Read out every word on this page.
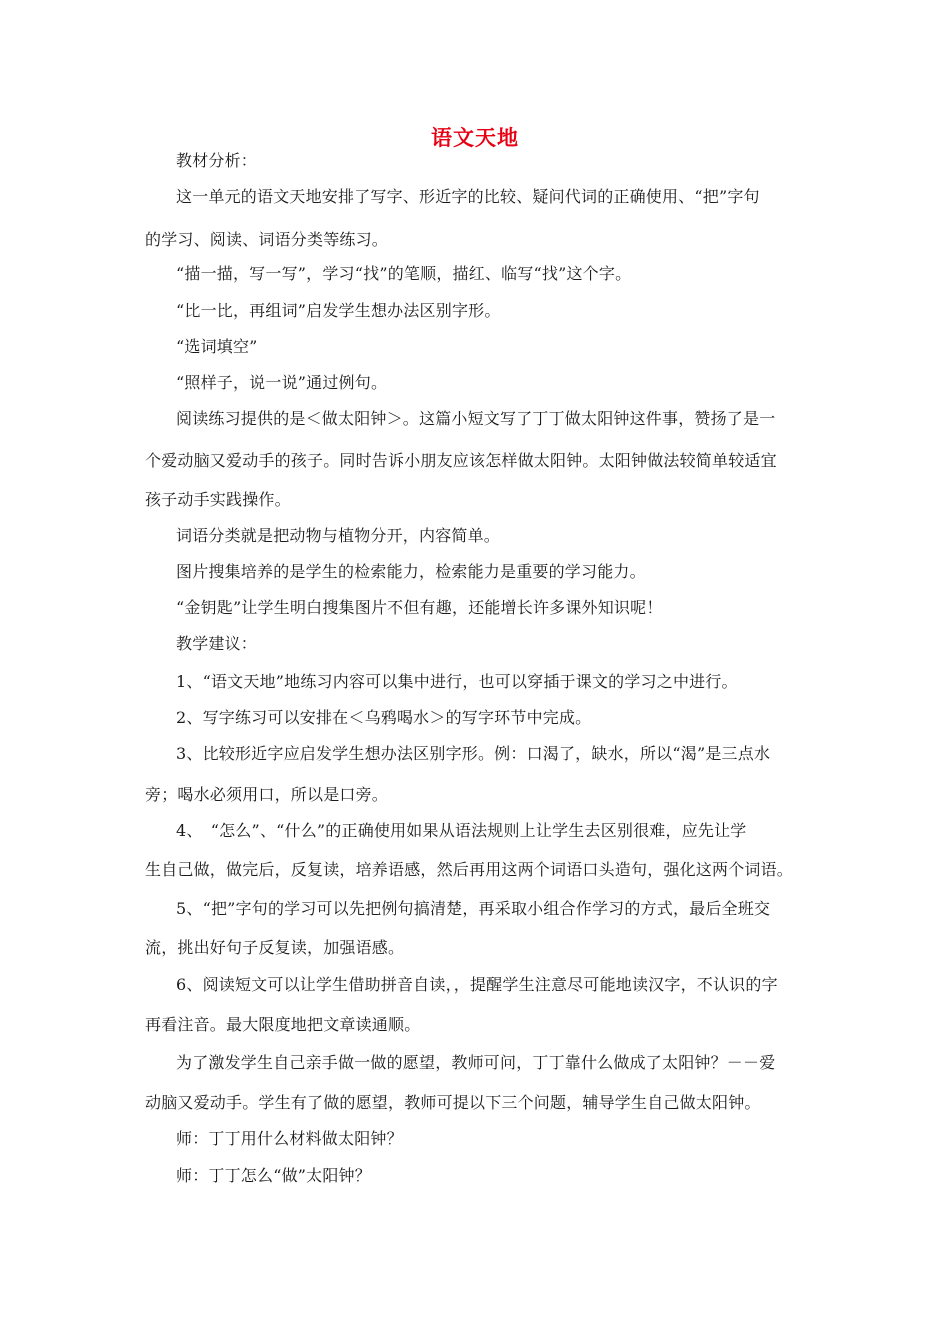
语文天地
教材分析：
这一单元的语文天地安排了写字、形近字的比较、疑问代词的正确使用、“把”字句
的学习、阅读、词语分类等练习。
“描一描，写一写”，学习“找”的笔顺，描红、临写“找”这个字。
“比一比，再组词”启发学生想办法区别字形。
“选词填空”
“照样子，说一说”通过例句。
阅读练习提供的是＜做太阳钟＞。这篇小短文写了丁丁做太阳钟这件事，赞扬了是一
个爱动脑又爱动手的孩子。同时告诉小朋友应该怎样做太阳钟。太阳钟做法较简单较适宜
孩子动手实践操作。
词语分类就是把动物与植物分开，内容简单。
图片搜集培养的是学生的检索能力，检索能力是重要的学习能力。
“金钥匙”让学生明白搜集图片不但有趣，还能增长许多课外知识呢！
教学建议：
1、“语文天地”地练习内容可以集中进行，也可以穿插于课文的学习之中进行。
2、写字练习可以安排在＜乌鸦喝水＞的写字环节中完成。
3、比较形近字应启发学生想办法区别字形。例：口渴了，缺水，所以“渴”是三点水
旁；喝水必须用口，所以是口旁。
4、　“怎么”、“什么”的正确使用如果从语法规则上让学生去区别很难，应先让学
生自己做，做完后，反复读，培养语感，然后再用这两个词语口头造句，强化这两个词语。
5、“把”字句的学习可以先把例句搞清楚，再采取小组合作学习的方式，最后全班交
流，挑出好句子反复读，加强语感。
6、阅读短文可以让学生借助拼音自读，，提醒学生注意尽可能地读汉字，不认识的字
再看注音。最大限度地把文章读通顺。
为了激发学生自己亲手做一做的愿望，教师可问，丁丁靠什么做成了太阳钟？－－爱
动脑又爱动手。学生有了做的愿望，教师可提以下三个问题，辅导学生自己做太阳钟。
师：丁丁用什么材料做太阳钟？
师：丁丁怎么“做”太阳钟？
